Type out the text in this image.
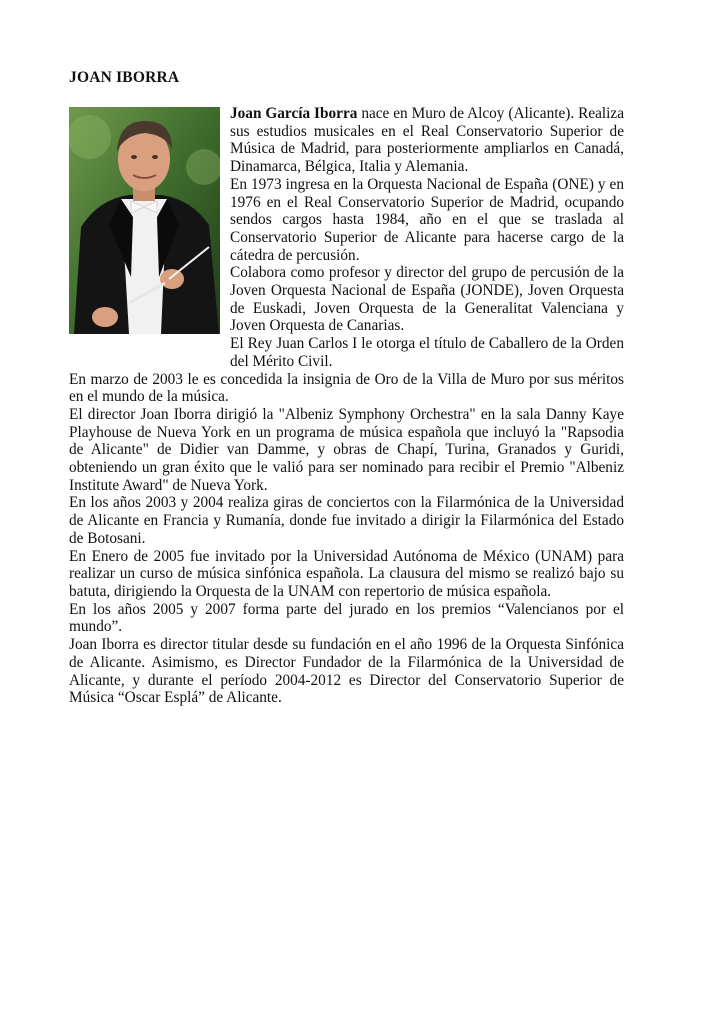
JOAN IBORRA

Joan García Iborra nace en Muro de Alcoy (Alicante). Realiza sus estudios musicales en el Real Conservatorio Superior de Música de Madrid, para posteriormente ampliarlos en Canadá, Dinamarca, Bélgica, Italia y Alemania.

En 1973 ingresa en la Orquesta Nacional de España (ONE) y en 1976 en el Real Conservatorio Superior de Madrid, ocupando sendos cargos hasta 1984, año en el que se traslada al Conservatorio Superior de Alicante para hacerse cargo de la cátedra de percusión.

Colabora como profesor y director del grupo de percusión de la Joven Orquesta Nacional de España (JONDE), Joven Orquesta de Euskadi, Joven Orquesta de la Generalitat Valenciana y Joven Orquesta de Canarias.

El Rey Juan Carlos I le otorga el título de Caballero de la Orden del Mérito Civil.

En marzo de 2003 le es concedida la insignia de Oro de la Villa de Muro por sus méritos en el mundo de la música.

El director Joan Iborra dirigió la "Albeniz Symphony Orchestra" en la sala Danny Kaye Playhouse de Nueva York en un programa de música española que incluyó la "Rapsodia de Alicante" de Didier van Damme, y obras de Chapí, Turina, Granados y Guridi, obteniendo un gran éxito que le valió para ser nominado para recibir el Premio "Albeniz Institute Award" de Nueva York.

En los años 2003 y 2004 realiza giras de conciertos con la Filarmónica de la Universidad de Alicante en Francia y Rumanía, donde fue invitado a dirigir la Filarmónica del Estado de Botosani.

En Enero de 2005 fue invitado por la Universidad Autónoma de México (UNAM) para realizar un curso de música sinfónica española. La clausura del mismo se realizó bajo su batuta, dirigiendo la Orquesta de la UNAM con repertorio de música española.

En los años 2005 y 2007 forma parte del jurado en los premios “Valencianos por el mundo”.

Joan Iborra es director titular desde su fundación en el año 1996 de la Orquesta Sinfónica de Alicante. Asimismo, es Director Fundador de la Filarmónica de la Universidad de Alicante, y durante el período 2004-2012 es Director del Conservatorio Superior de Música “Oscar Esplá” de Alicante.
